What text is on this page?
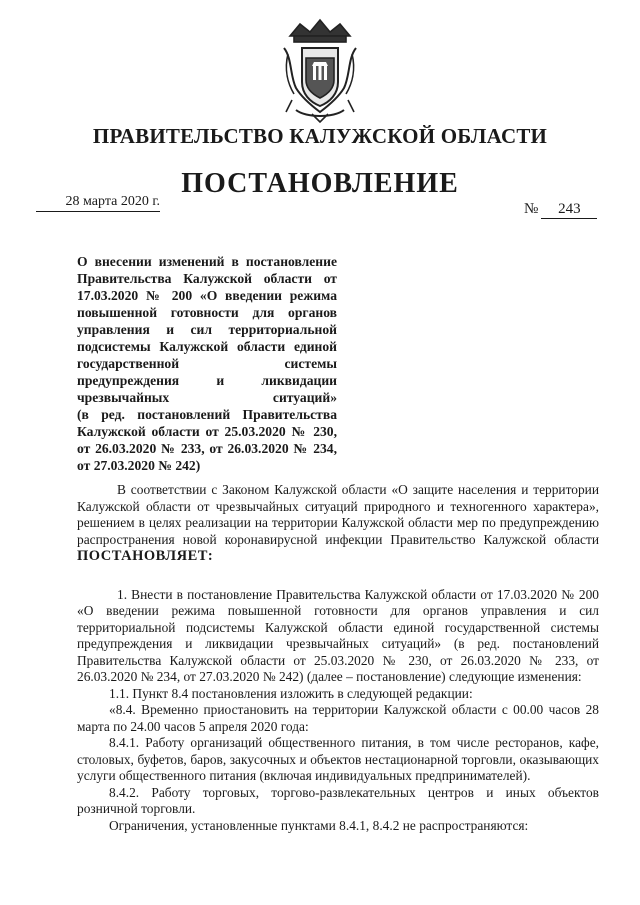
ПРАВИТЕЛЬСТВО КАЛУЖСКОЙ ОБЛАСТИ
ПОСТАНОВЛЕНИЕ
28 марта 2020 г.	№ 243
О внесении изменений в постановление Правительства Калужской области от 17.03.2020 № 200 «О введении режима повышенной готовности для органов управления и сил территориальной подсистемы Калужской области единой государственной системы предупреждения и ликвидации чрезвычайных ситуаций»
(в ред. постановлений Правительства Калужской области от 25.03.2020 № 230, от 26.03.2020 № 233, от 26.03.2020 № 234, от 27.03.2020 № 242)

В соответствии с Законом Калужской области «О защите населения и территории Калужской области от чрезвычайных ситуаций природного и техногенного характера», решением в целях реализации на территории Калужской области мер по предупреждению распространения новой коронавирусной инфекции Правительство Калужской области ПОСТАНОВЛЯЕТ:

1. Внести в постановление Правительства Калужской области от 17.03.2020 № 200 «О введении режима повышенной готовности для органов управления и сил территориальной подсистемы Калужской области единой государственной системы предупреждения и ликвидации чрезвычайных ситуаций» (в ред. постановлений Правительства Калужской области от 25.03.2020 № 230, от 26.03.2020 № 233, от 26.03.2020 № 234, от 27.03.2020 № 242) (далее – постановление) следующие изменения:

1.1. Пункт 8.4 постановления изложить в следующей редакции:

«8.4. Временно приостановить на территории Калужской области с 00.00 часов 28 марта по 24.00 часов 5 апреля 2020 года:

8.4.1. Работу организаций общественного питания, в том числе ресторанов, кафе, столовых, буфетов, баров, закусочных и объектов нестационарной торговли, оказывающих услуги общественного питания (включая индивидуальных предпринимателей).

8.4.2. Работу торговых, торгово-развлекательных центров и иных объектов розничной торговли.

Ограничения, установленные пунктами 8.4.1, 8.4.2 не распространяются:
